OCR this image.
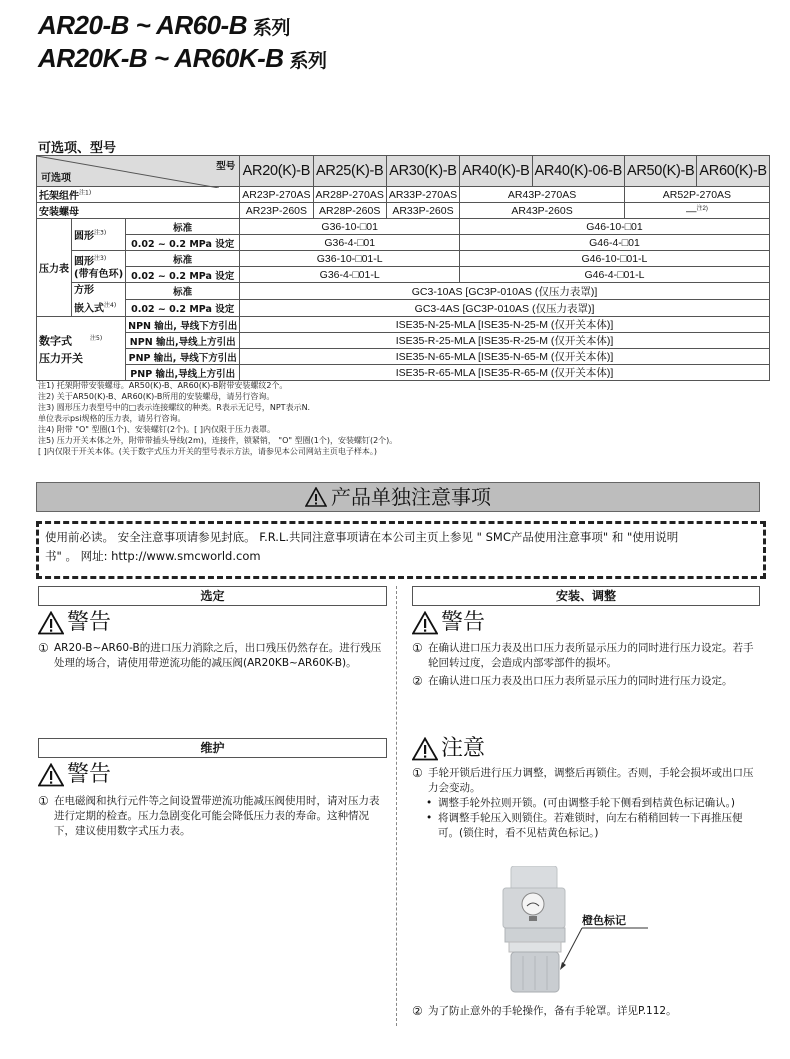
AR20-B ~ AR60-B 系列
AR20K-B ~ AR60K-B 系列
可选项、型号
型号
可选项			AR20(K)-B	AR25(K)-B	AR30(K)-B	AR40(K)-B	AR40(K)-06-B	AR50(K)-B	AR60(K)-B
托架组件$^{注1)}$			AR23P-270AS	AR28P-270AS	AR33P-270AS	AR43P-270AS		AR52P-270AS	
安装螺母			AR23P-260S	AR28P-260S	AR33P-260S	AR43P-260S		—$^{注2)}$
压力表	圆形$^{注3)}$	标准	G36-10-□01			G46-10-□01			
		0.02 ~ 0.2 MPa 设定	G36-4-□01			G46-4-□01			
	圆形$^{注3)}$
(带有色环)	标准	G36-10-□01-L			G46-10-□01-L			
		0.02 ~ 0.2 MPa 设定	G36-4-□01-L			G46-4-□01-L			
	方形
嵌入式$^{注4)}$	标准	GC3-10AS [GC3P-010AS (仅压力表罩)]						
		0.02 ~ 0.2 MPa 设定	GC3-4AS [GC3P-010AS (仅压力表罩)]						
数字式 $^{注5)}$
压力开关		NPN 输出, 导线下方引出	ISE35-N-25-MLA [ISE35-N-25-M (仅开关本体)]						
		NPN 输出,导线上方引出	ISE35-R-25-MLA [ISE35-R-25-M (仅开关本体)]						
		PNP 输出, 导线下方引出	ISE35-N-65-MLA [ISE35-N-65-M (仅开关本体)]						
		PNP 输出,导线上方引出	ISE35-R-65-MLA [ISE35-R-65-M (仅开关本体)]						
注1) 托架附带安装螺母。AR50(K)-B、AR60(K)-B附带安装螺纹2个。
注2) 关于AR50(K)-B、AR60(K)-B所用的安装螺母，请另行咨询。
注3) 圆形压力表型号中的□表示连接螺纹的种类。R表示无记号，NPT表示N.
单位表示psi规格的压力表，请另行咨询。
注4) 附带 "O" 型圈(1个)、安装螺钉(2个)。[ ]内仅限于压力表罩。
注5) 压力开关本体之外，附带带插头导线(2m)，连接件，锁紧销， "O" 型圈(1个)，安装螺钉(2个)。
[ ]内仅限于开关本体。(关于数字式压力开关的型号表示方法，请参见本公司网站主页电子样本。)
产品单独注意事项
使用前必读。 安全注意事项请参见封底。 F.R.L.共同注意事项请在本公司主页上参见 " SMC产品使用注意事项" 和 "使用说明
书" 。 网址: http://www.smcworld.com
选定
警告
① AR20-B~AR60-B的进口压力消除之后，出口残压仍然存在。进行残压处理的场合，请使用带逆流功能的减压阀(AR20KB~AR60K-B)。
维护
警告
① 在电磁阀和执行元件等之间设置带逆流功能减压阀使用时，请对压力表进行定期的检查。压力急剧变化可能会降低压力表的寿命。这种情况下，建议使用数字式压力表。
安装、调整
警告
① 在确认进口压力表及出口压力表所显示压力的同时进行压力设定。若手轮回转过度，会造成内部零部件的损坏。
② 在确认进口压力表及出口压力表所显示压力的同时进行压力设定。
注意
① 手轮开锁后进行压力调整，调整后再锁住。否则，手轮会损坏或出口压力会变动。
• 调整手轮外拉则开锁。(可由调整手轮下侧看到桔黄色标记确认。)
• 将调整手轮压入则锁住。若难锁时，向左右稍稍回转一下再推压便可。(锁住时，看不见桔黄色标记。)
橙色标记
② 为了防止意外的手轮操作，备有手轮罩。详见P.112。
